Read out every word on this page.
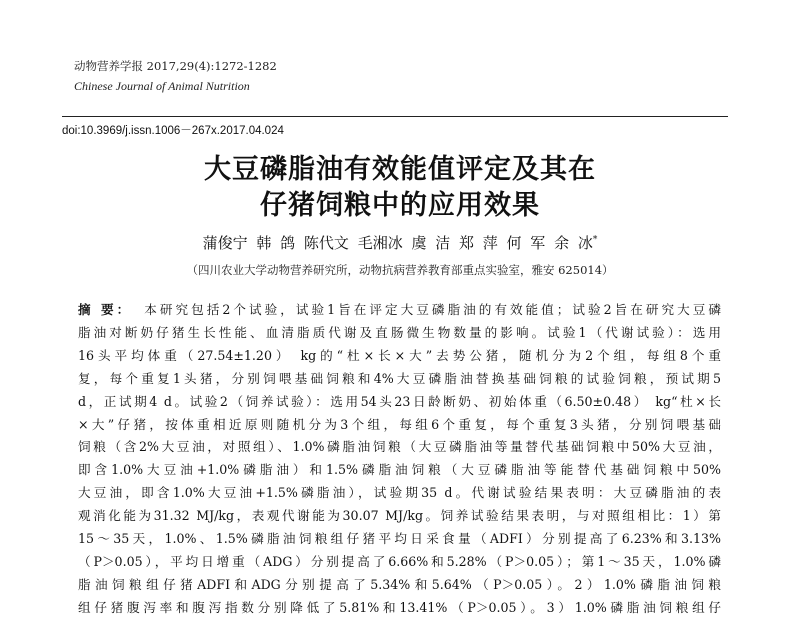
动物营养学报 2017,29(4):1272-1282
Chinese Journal of Animal Nutrition
doi:10.3969/j.issn.1006－267x.2017.04.024
大豆磷脂油有效能值评定及其在
仔猪饲粮中的应用效果
蒲俊宁 韩 鸽 陈代文 毛湘冰 虞 洁 郑 萍 何 军 余 冰*
（四川农业大学动物营养研究所，动物抗病营养教育部重点实验室，雅安 625014）
摘 要： 本研究包括2个试验，试验1旨在评定大豆磷脂油的有效能值；试验2旨在研究大豆磷
脂油对断奶仔猪生长性能、血清脂质代谢及直肠微生物数量的影响。试验1（代谢试验）：选用
16头平均体重（27.54±1.20） kg的“杜×长×大”去势公猪，随机分为2个组，每组8个重
复，每个重复1头猪，分别饲喂基础饲粮和4%大豆磷脂油替换基础饲粮的试验饲粮，预试期5
d，正试期4 d。试验2（饲养试验）：选用54头23日龄断奶、初始体重（6.50±0.48） kg“杜×长
×大”仔猪，按体重相近原则随机分为3个组，每组6个重复，每个重复3头猪，分别饲喂基础
饲粮（含2%大豆油，对照组）、1.0%磷脂油饲粮（大豆磷脂油等量替代基础饲粮中50%大豆油，
即含1.0%大豆油+1.0%磷脂油）和1.5%磷脂油饲粮（大豆磷脂油等能替代基础饲粮中50%
大豆油，即含1.0%大豆油+1.5%磷脂油），试验期35 d。代谢试验结果表明：大豆磷脂油的表
观消化能为31.32 MJ/kg，表观代谢能为30.07 MJ/kg。饲养试验结果表明，与对照组相比：1）第
15～35天，1.0%、1.5%磷脂油饲粮组仔猪平均日采食量（ADFI）分别提高了6.23%和3.13%
（P＞0.05），平均日增重（ADG）分别提高了6.66%和5.28%（P＞0.05）；第1～35天，1.0%磷
脂油饲粮组仔猪ADFI和ADG分别提高了5.34%和5.64%（P＞0.05）。2）1.0%磷脂油饲粮
组仔猪腹泻率和腹泻指数分别降低了5.81%和13.41%（P＞0.05）。3）1.0%磷脂油饲粮组仔
